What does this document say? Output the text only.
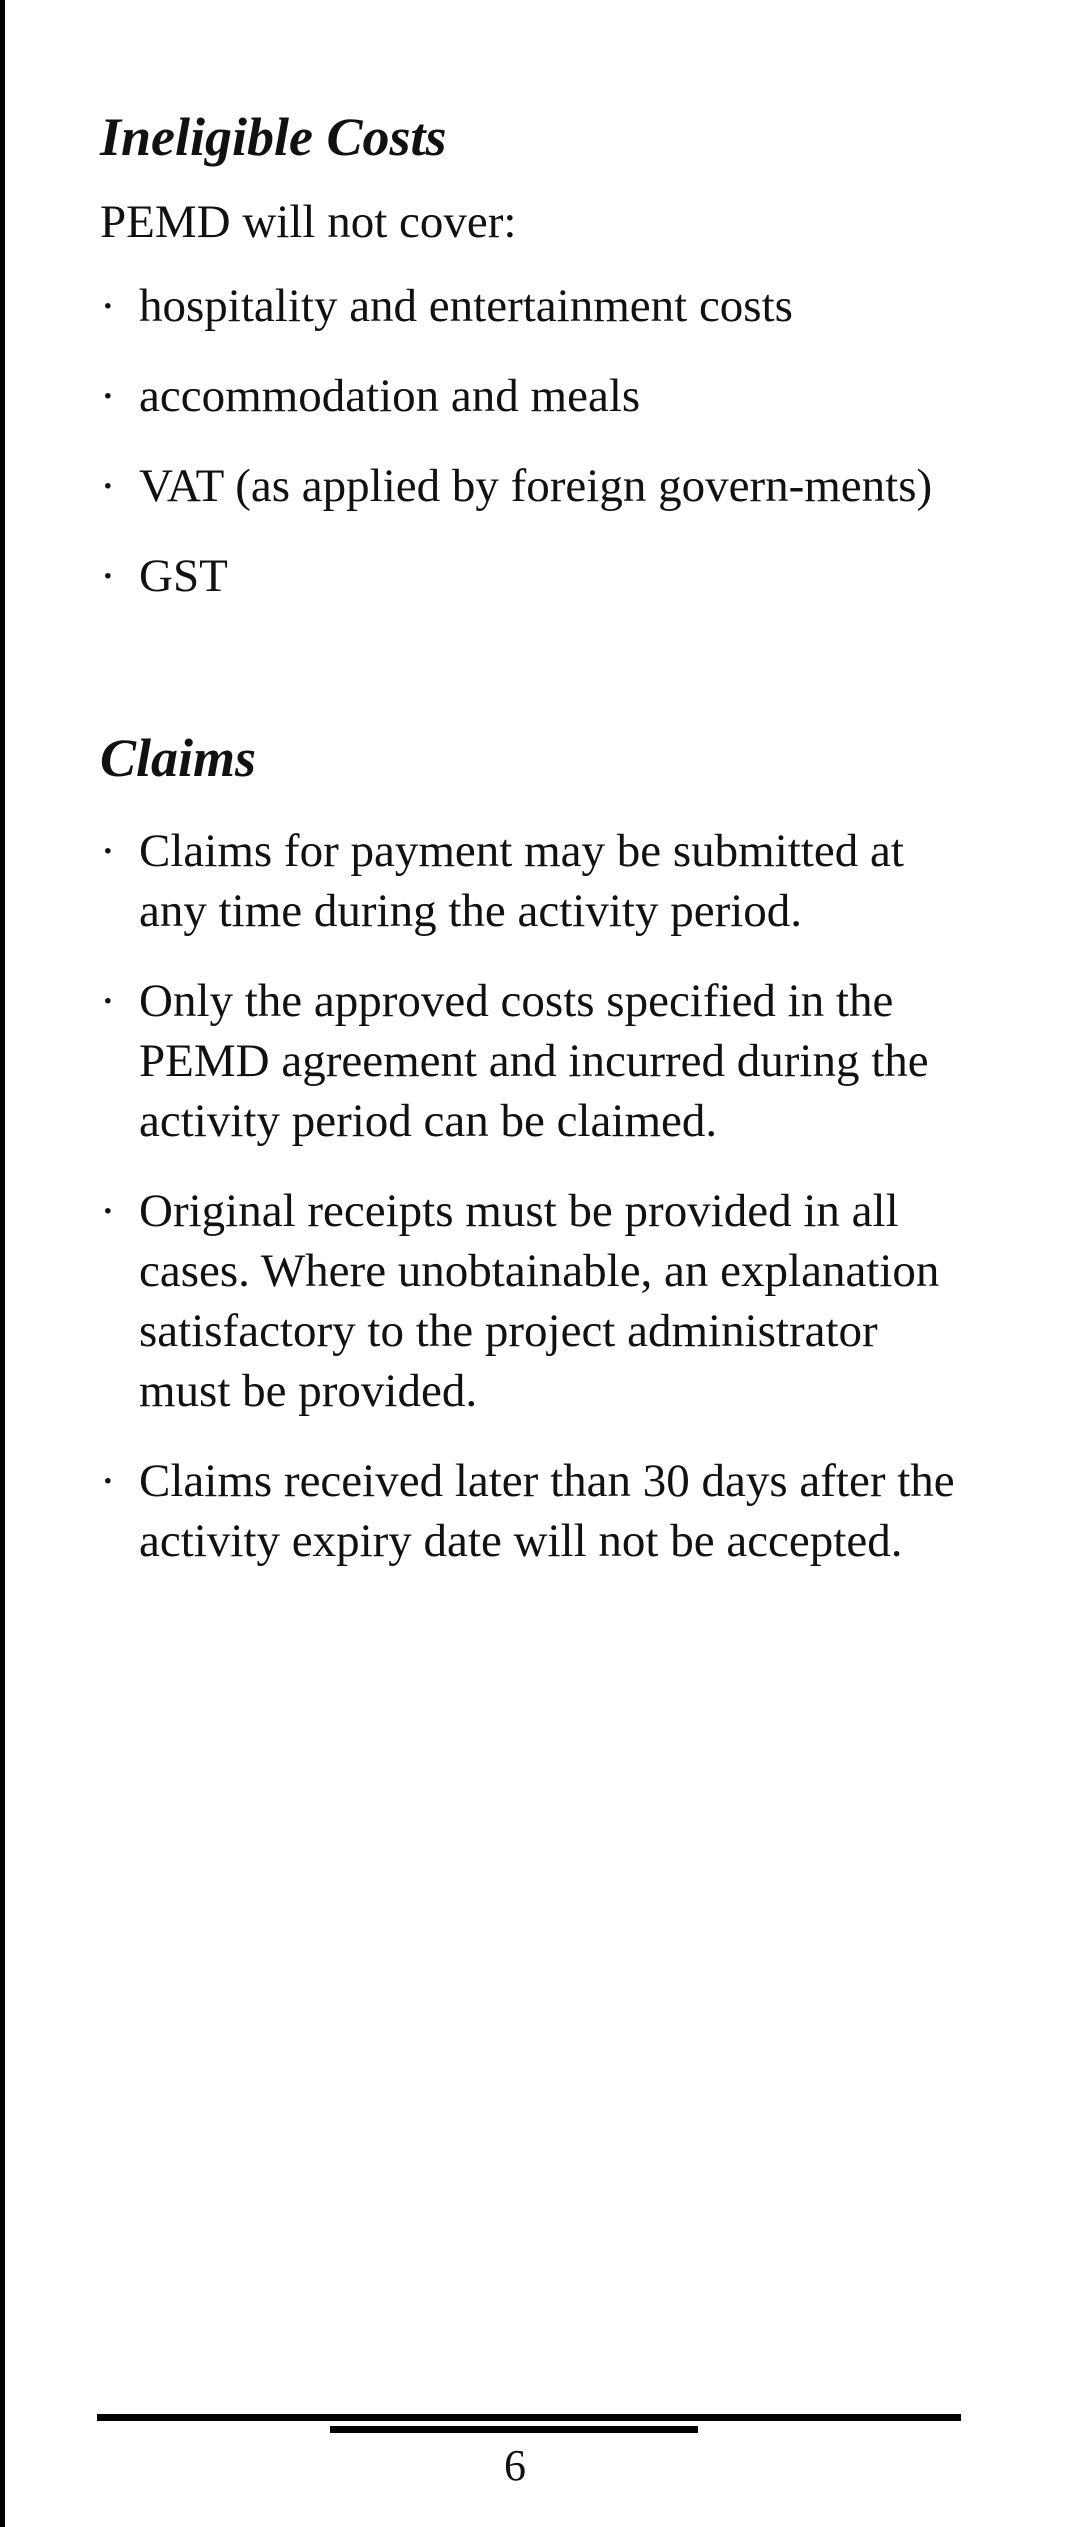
Ineligible Costs

PEMD will not cover:

· hospitality and entertainment costs
· accommodation and meals
· VAT (as applied by foreign govern-ments)
· GST
Claims
· Claims for payment may be submitted at any time during the activity period.
· Only the approved costs specified in the PEMD agreement and incurred during the activity period can be claimed.
· Original receipts must be provided in all cases. Where unobtainable, an explanation satisfactory to the project administrator must be provided.
· Claims received later than 30 days after the activity expiry date will not be accepted.
6
